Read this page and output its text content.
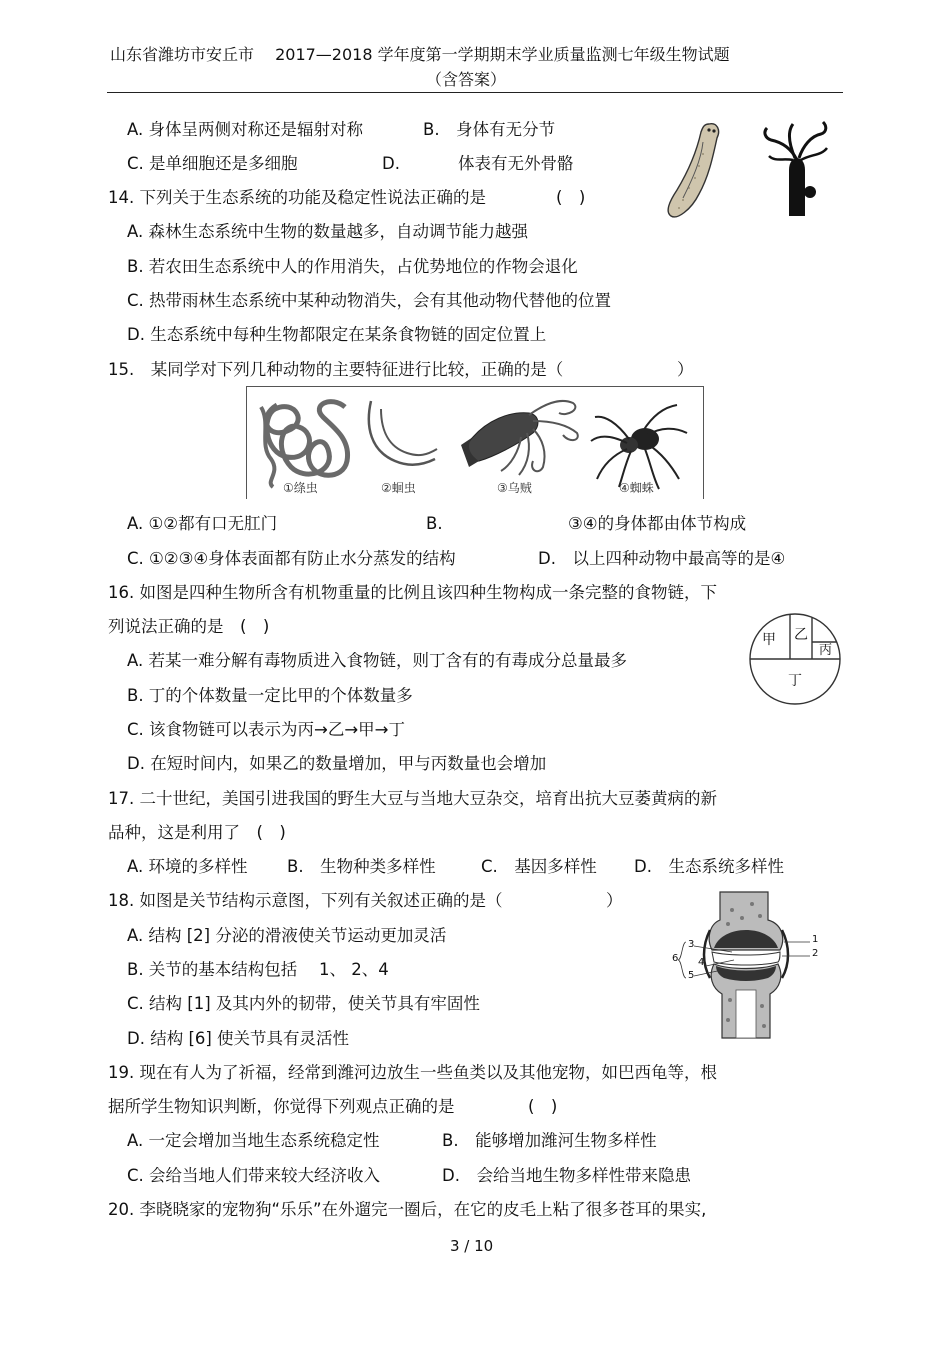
山东省潍坊市安丘市　 2017—2018 学年度第一学期期末学业质量监测七年级生物试题
（含答案）
A. 身体呈两侧对称还是辐射对称	B.　身体有无分节
C. 是单细胞还是多细胞	D.	体表有无外骨骼
14. 下列关于生态系统的功能及稳定性说法正确的是	(　)
A. 森林生态系统中生物的数量越多，自动调节能力越强
B. 若农田生态系统中人的作用消失，占优势地位的作物会退化
C. 热带雨林生态系统中某种动物消失，会有其他动物代替他的位置
D. 生态系统中每种生物都限定在某条食物链的固定位置上
15.　某同学对下列几种动物的主要特征进行比较，正确的是（	）
①绦虫	②蛔虫	③乌贼	④蜘蛛
A. ①②都有口无肛门	B.	③④的身体都由体节构成
C. ①②③④身体表面都有防止水分蒸发的结构	D.　以上四种动物中最高等的是④
16. 如图是四种生物所含有机物重量的比例且该四种生物构成一条完整的食物链，下
列说法正确的是　(　)
A. 若某一难分解有毒物质进入食物链，则丁含有的有毒成分总量最多
B. 丁的个体数量一定比甲的个体数量多
C. 该食物链可以表示为丙→乙→甲→丁
D. 在短时间内，如果乙的数量增加，甲与丙数量也会增加
甲 乙
丙
丁
17. 二十世纪，美国引进我国的野生大豆与当地大豆杂交，培育出抗大豆萎黄病的新
品种，这是利用了　(　)
A. 环境的多样性 B.　生物种类多样性	C.　基因多样性 D.　生态系统多样性
18. 如图是关节结构示意图，下列有关叙述正确的是（	）
A. 结构 [2] 分泌的滑液使关节运动更加灵活
B. 关节的基本结构包括　 1、 2、4
C. 结构 [1] 及其内外的韧带，使关节具有牢固性
D. 结构 [6] 使关节具有灵活性
1
2
3
4
5
6
19. 现在有人为了祈福，经常到潍河边放生一些鱼类以及其他宠物，如巴西龟等，根
据所学生物知识判断，你觉得下列观点正确的是	(　)
A. 一定会增加当地生态系统稳定性	B.　能够增加潍河生物多样性
C. 会给当地人们带来较大经济收入	D.　会给当地生物多样性带来隐患
20. 李晓晓家的宠物狗“乐乐”在外遛完一圈后，在它的皮毛上粘了很多苍耳的果实,
3 / 10
